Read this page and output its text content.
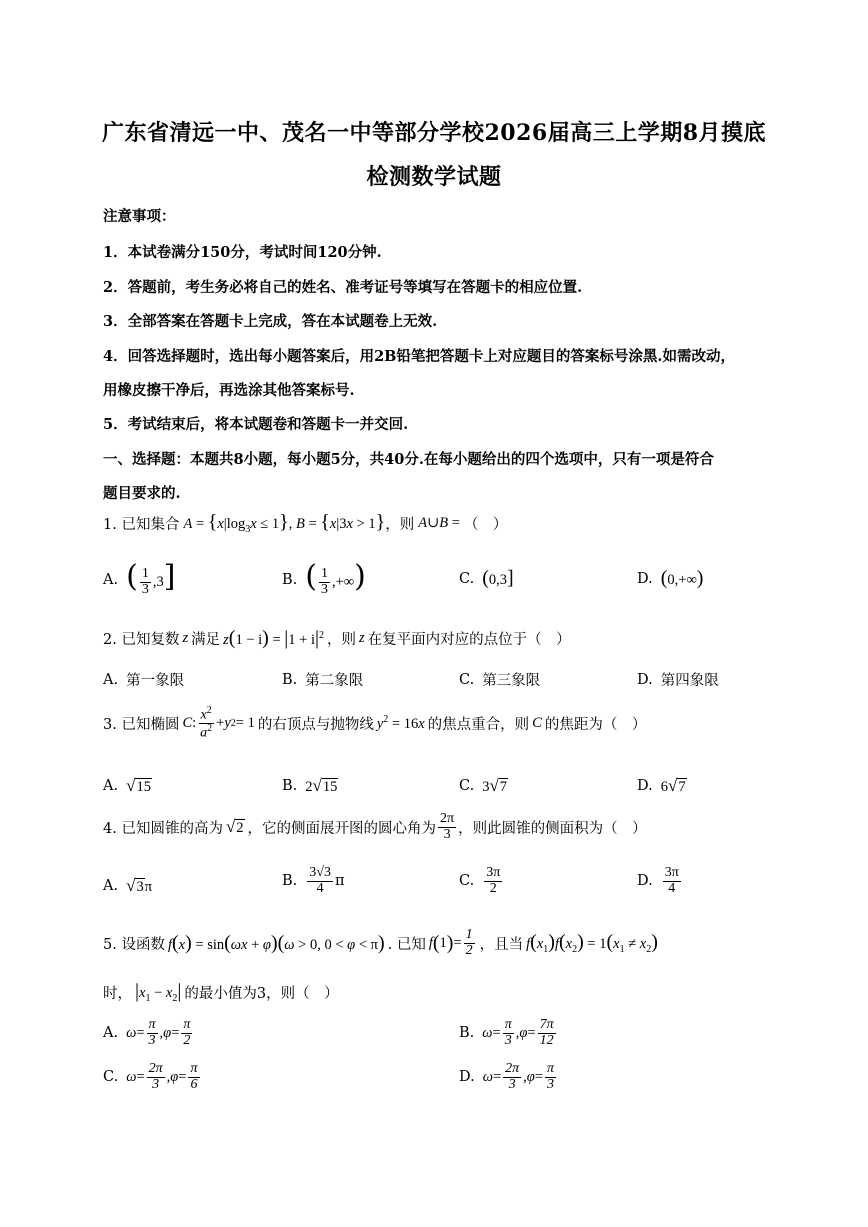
广东省清远一中、茂名一中等部分学校2026届高三上学期8月摸底
检测数学试题
注意事项：
1．本试卷满分150分，考试时间120分钟.
2．答题前，考生务必将自己的姓名、准考证号等填写在答题卡的相应位置.
3．全部答案在答题卡上完成，答在本试题卷上无效.
4．回答选择题时，选出每小题答案后，用2B铅笔把答题卡上对应题目的答案标号涂黑.如需改动，
用橡皮擦干净后，再选涂其他答案标号.
5．考试结束后，将本试题卷和答题卡一并交回.
一、选择题：本题共8小题，每小题5分，共40分.在每小题给出的四个选项中，只有一项是符合
题目要求的.
1. 已知集合 $A = \{x|\log_3x \le 1\}$, B = {x|3x > 1} ，则 A∪B = （　）
A. ( $\frac{1}{3} ,3$]	B. ( $\frac{1}{3}$ ,+∞)	C. (0,3]	D. (0,+∞)
2. 已知复数 z 满足 $z(1 - i) = |1 + i|^2$ ，则 z 在复平面内对应的点位于（　）
A. 第一象限	B. 第二象限	C. 第三象限	D. 第四象限
3. 已知椭圆 C : $\frac{x^2}{a^2} + y$ 2 = 1 的右顶点与抛物线 $y^2 = 16x$ 的焦点重合，则 C 的焦距为（　）
A. √ 15	B. 2 √ 15	C. 3 √ 7	D. 6 √ 7
4. 已知圆锥的高为 √ 2 ，它的侧面展开图的圆心角为 $\frac{2\pi}{3}$ ，则此圆锥的侧面积为（　）
A. √ 3 π	B. $\frac{3√3}{4}$ π	C. $\frac{3\pi}{2}$	D. $\frac{3\pi}{4}$
5. 设函数 f(x) = sin(ωx + φ)(ω > 0, 0 < φ < π) . 已知 f ( 1 ) = $\frac{1}{2}$ ，且当 $f(x_1)f(x_2) = 1(x_1 \ne x_2)$
时， $|x_1 - x_2|$ 的最小值为3，则（　）
A. $\omega = \frac{\pi}{3}$ , $\varphi = \frac{\pi}{2}$	B. $\omega = \frac{\pi}{3}$ , $\varphi = \frac{7\pi}{12}$
C. $\omega = \frac{2\pi}{3}$ , $\varphi = \frac{\pi}{6}$	D. $\omega = \frac{2\pi}{3}$ , $\varphi = \frac{\pi}{3}$
